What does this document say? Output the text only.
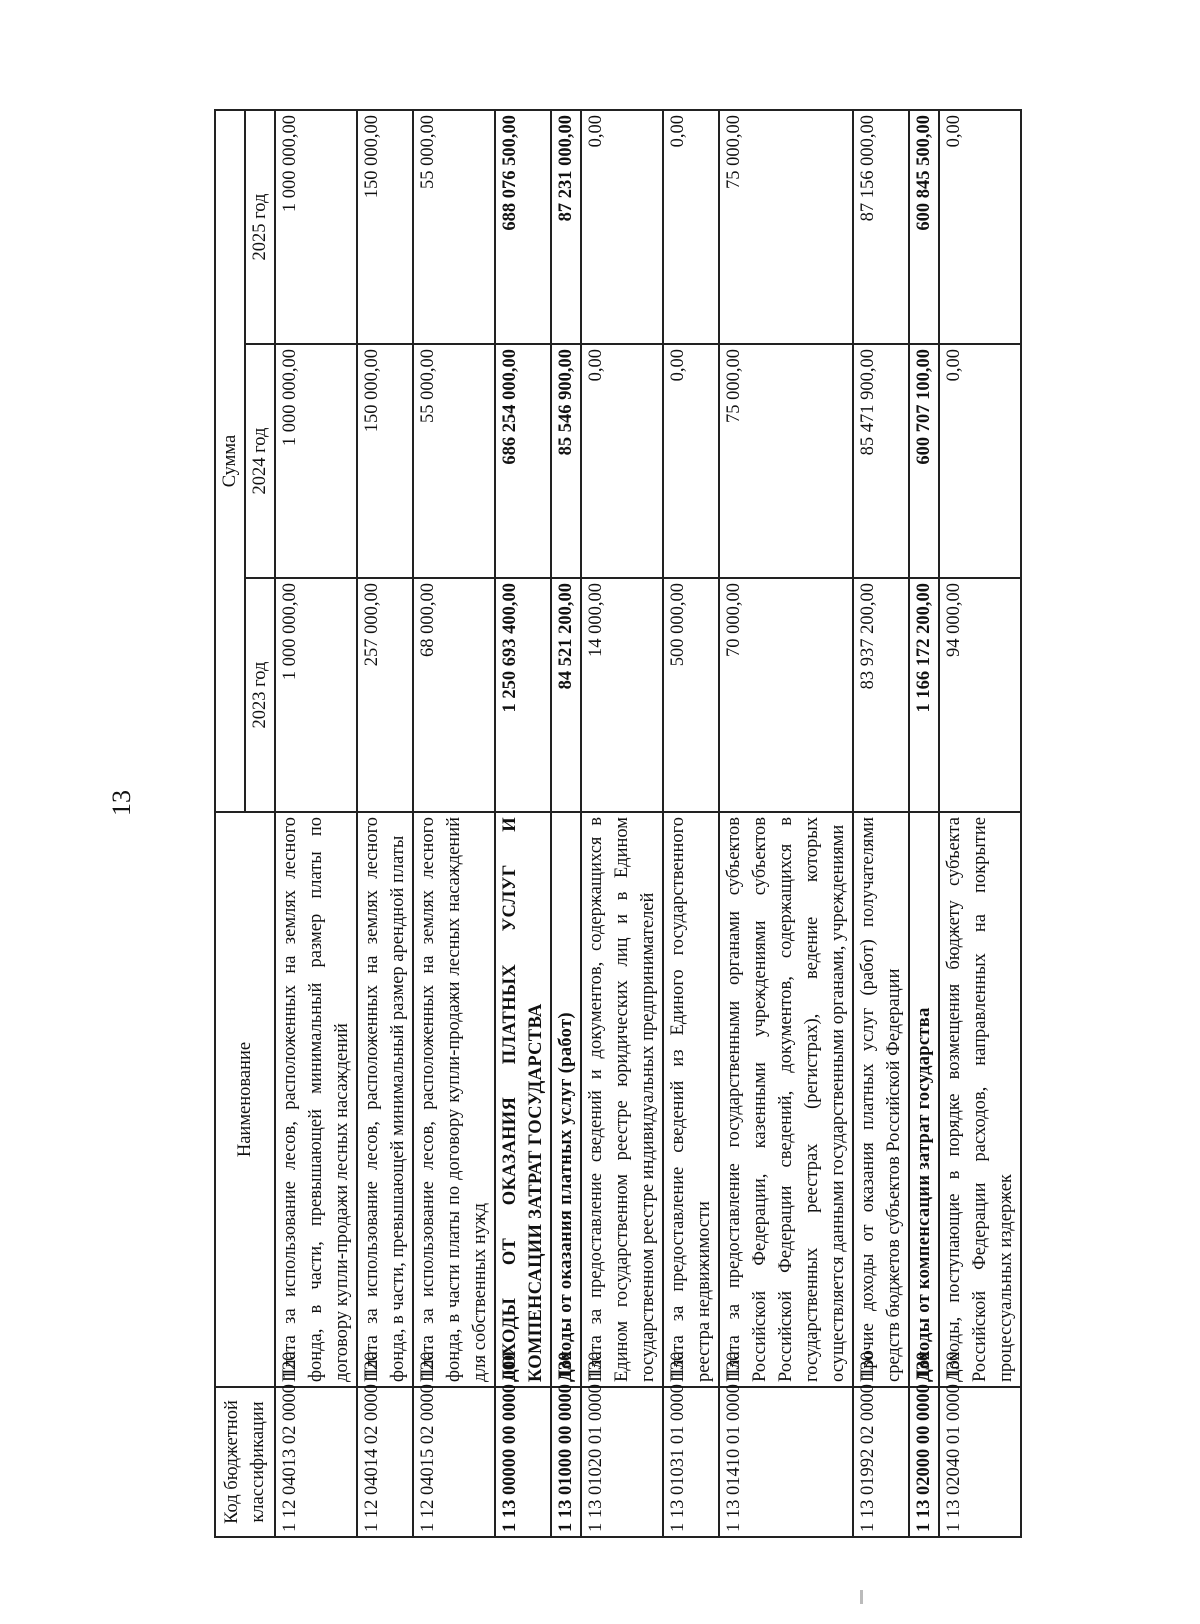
13
Код бюджетной классификации	Наименование	Сумма		
		2023 год	2024 год	2025 год
1 12 04013 02 0000 120	Плата за использование лесов, расположенных на землях лесного фонда, в части, превышающей минимальный размер платы по договору купли-продажи лесных насаждений	1 000 000,00	1 000 000,00	1 000 000,00
1 12 04014 02 0000 120	Плата за использование лесов, расположенных на землях лесного фонда, в части, превышающей минимальный размер арендной платы	257 000,00	150 000,00	150 000,00
1 12 04015 02 0000 120	Плата за использование лесов, расположенных на землях лесного фонда, в части платы по договору купли-продажи лесных насаждений для собственных нужд	68 000,00	55 000,00	55 000,00
1 13 00000 00 0000 000	ДОХОДЫ ОТ ОКАЗАНИЯ ПЛАТНЫХ УСЛУГ И КОМПЕНСАЦИИ ЗАТРАТ ГОСУДАРСТВА	1 250 693 400,00	686 254 000,00	688 076 500,00
1 13 01000 00 0000 130	Доходы от оказания платных услуг (работ)	84 521 200,00	85 546 900,00	87 231 000,00
1 13 01020 01 0000 130	Плата за предоставление сведений и документов, содержащихся в Едином государственном реестре юридических лиц и в Едином государственном реестре индивидуальных предпринимателей	14 000,00	0,00	0,00
1 13 01031 01 0000 130	Плата за предоставление сведений из Единого государственного реестра недвижимости	500 000,00	0,00	0,00
1 13 01410 01 0000 130	Плата за предоставление государственными органами субъектов Российской Федерации, казенными учреждениями субъектов Российской Федерации сведений, документов, содержащихся в государственных реестрах (регистрах), ведение которых осуществляется данными государственными органами, учреждениями	70 000,00	75 000,00	75 000,00
1 13 01992 02 0000 130	Прочие доходы от оказания платных услуг (работ) получателями средств бюджетов субъектов Российской Федерации	83 937 200,00	85 471 900,00	87 156 000,00
1 13 02000 00 0000 130	Доходы от компенсации затрат государства	1 166 172 200,00	600 707 100,00	600 845 500,00
1 13 02040 01 0000 130	Доходы, поступающие в порядке возмещения бюджету субъекта Российской Федерации расходов, направленных на покрытие процессуальных издержек	94 000,00	0,00	0,00
